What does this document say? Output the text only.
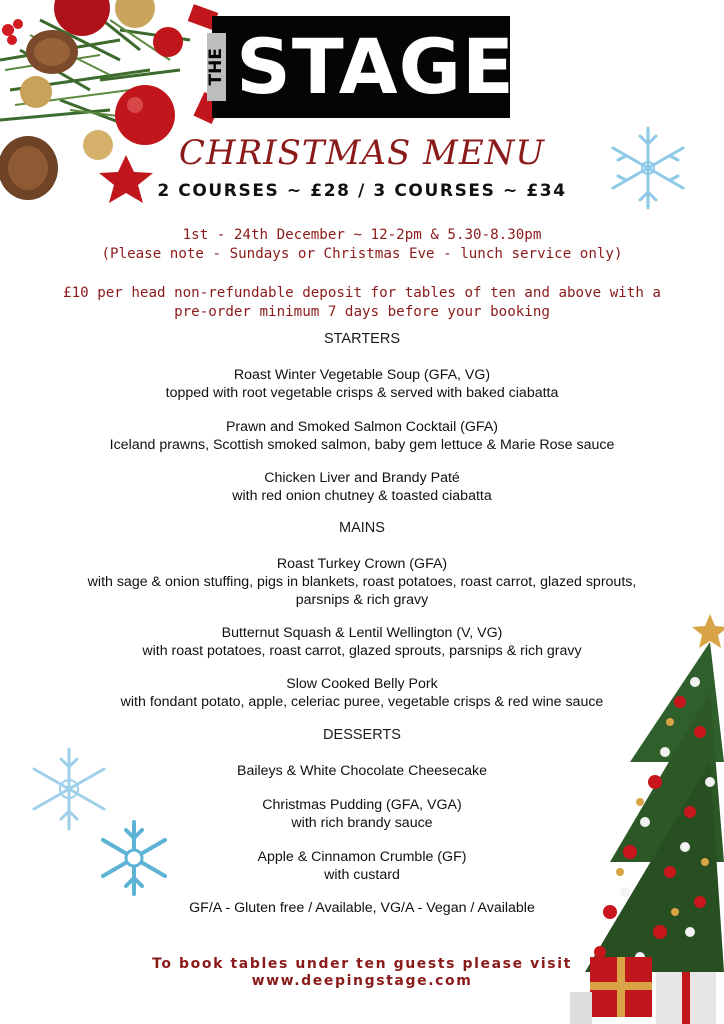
THE STAGE
CHRISTMAS MENU
2 COURSES ~ £28 / 3 COURSES ~ £34
1st - 24th December ~ 12-2pm & 5.30-8.30pm
(Please note - Sundays or Christmas Eve - lunch service only)
£10 per head non-refundable deposit for tables of ten and above with a
pre-order minimum 7 days before your booking
STARTERS
Roast Winter Vegetable Soup (GFA, VG)
topped with root vegetable crisps & served with baked ciabatta
Prawn and Smoked Salmon Cocktail (GFA)
Iceland prawns, Scottish smoked salmon, baby gem lettuce & Marie Rose sauce
Chicken Liver and Brandy Paté
with red onion chutney & toasted ciabatta
MAINS
Roast Turkey Crown (GFA)
with sage & onion stuffing, pigs in blankets, roast potatoes, roast carrot, glazed sprouts,
parsnips & rich gravy
Butternut Squash & Lentil Wellington (V, VG)
with roast potatoes, roast carrot, glazed sprouts, parsnips & rich gravy
Slow Cooked Belly Pork
with fondant potato, apple, celeriac puree, vegetable crisps & red wine sauce
DESSERTS
Baileys & White Chocolate Cheesecake
Christmas Pudding (GFA, VGA)
with rich brandy sauce
Apple & Cinnamon Crumble (GF)
with custard
GF/A - Gluten free / Available, VG/A - Vegan / Available
To book tables under ten guests please visit
www.deepingstage.com
